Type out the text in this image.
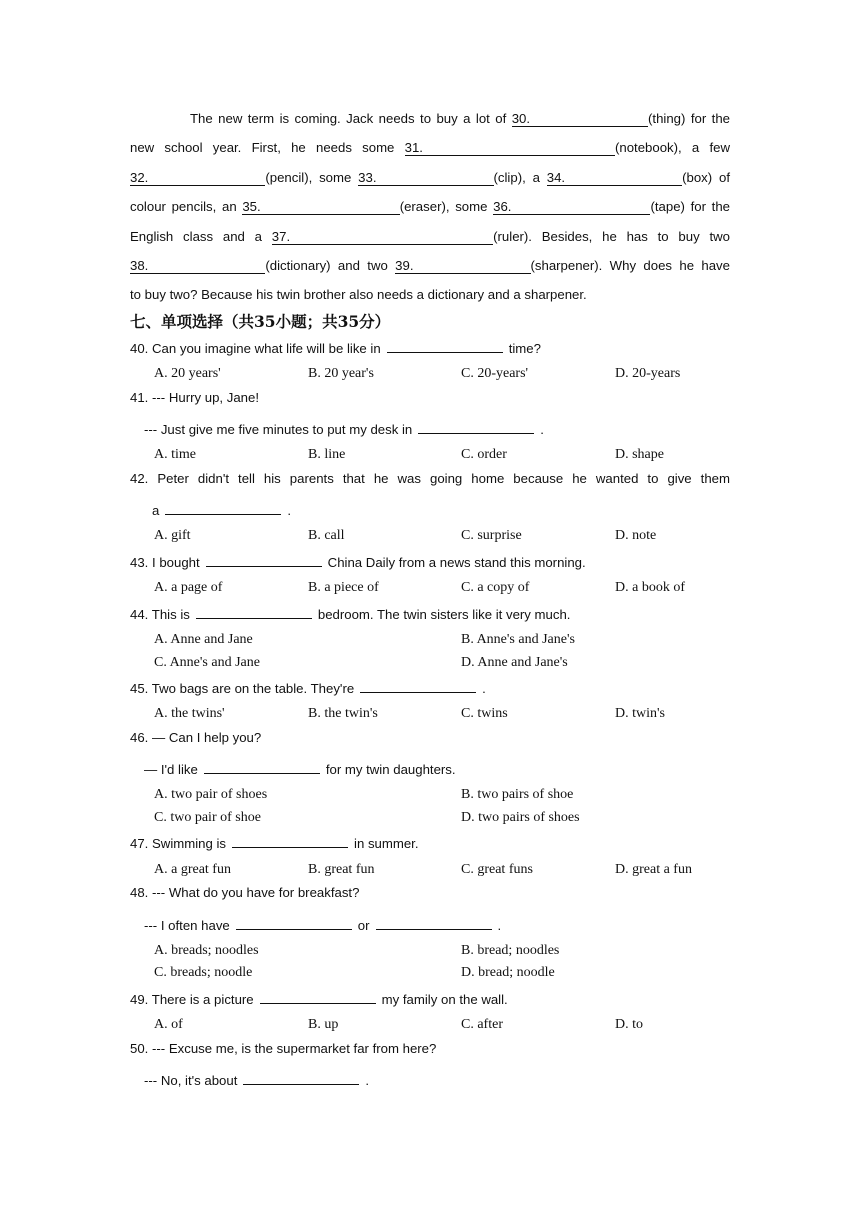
The new term is coming. Jack needs to buy a lot of 30.	(thing) for the
new school year. First, he needs some 31.	(notebook), a few
32.	(pencil), some 33.	(clip), a 34.	(box) of
colour pencils, an 35.	(eraser), some 36.	(tape) for the
English class and a 37.	(ruler). Besides, he has to buy two
38.	(dictionary) and two 39.	(sharpener). Why does he have
to buy two? Because his twin brother also needs a dictionary and a sharpener.
七、单项选择（共35小题；共35分）
40. Can you imagine what life will be like in	time?
A. 20 years'	B. 20 year's	C. 20-years'	D. 20-years
41. --- Hurry up, Jane!
--- Just give me five minutes to put my desk in	.
A. time	B. line	C. order	D. shape
42. Peter didn't tell his parents that he was going home because he wanted to give them
a	.
A. gift	B. call	C. surprise	D. note
43. I bought	China Daily from a news stand this morning.
A. a page of	B. a piece of	C. a copy of	D. a book of
44. This is	bedroom. The twin sisters like it very much.
A. Anne and Jane	B. Anne's and Jane's
C. Anne's and Jane	D. Anne and Jane's
45. Two bags are on the table. They're	.
A. the twins'	B. the twin's	C. twins	D. twin's
46. — Can I help you?
— I'd like	for my twin daughters.
A. two pair of shoes	B. two pairs of shoe
C. two pair of shoe	D. two pairs of shoes
47. Swimming is	in summer.
A. a great fun	B. great fun	C. great funs	D. great a fun
48. --- What do you have for breakfast?
--- I often have	or	.
A. breads; noodles	B. bread; noodles
C. breads; noodle	D. bread; noodle
49. There is a picture	my family on the wall.
A. of	B. up	C. after	D. to
50. --- Excuse me, is the supermarket far from here?
--- No, it's about	.
